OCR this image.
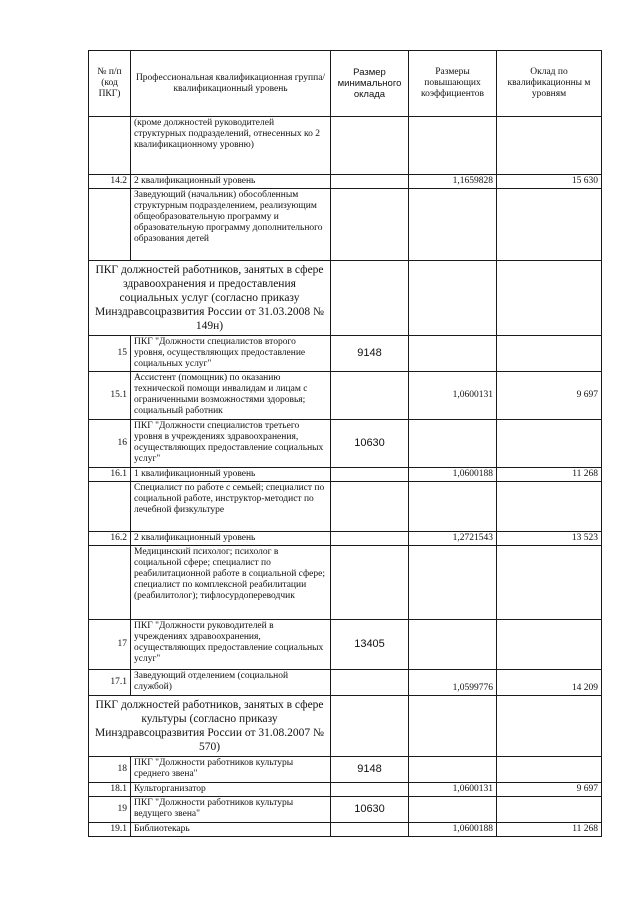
№ п/п (код ПКГ)	Профессиональная квалификационная группа/квалификационный уровень	Размер минимального оклада	Размеры повышающих коэффициентов	Оклад по квалификационны м уровням
	(кроме должностей руководителей структурных подразделений, отнесенных ко 2 квалификационному уровню)			
14.2	2 квалификационный уровень		1,1659828	15 630
	Заведующий (начальник) обособленным структурным подразделением, реализующим общеобразовательную программу и образовательную программу дополнительного образования детей			
ПКГ должностей работников, занятых в сфере здравоохранения и предоставления социальных услуг (согласно приказу Минздравсоцразвития России от 31.03.2008 № 149н)				
15	ПКГ "Должности специалистов второго уровня, осуществляющих предоставление социальных услуг"	9148		
15.1	Ассистент (помощник) по оказанию технической помощи инвалидам и лицам с ограниченными возможностями здоровья; социальный работник		1,0600131	9 697
16	ПКГ "Должности специалистов третьего уровня в учреждениях здравоохранения, осуществляющих предоставление социальных услуг"	10630		
16.1	1 квалификационный уровень		1,0600188	11 268
	Специалист по работе с семьей; специалист по социальной работе, инструктор-методист по лечебной физкультуре			
16.2	2 квалификационный уровень		1,2721543	13 523
	Медицинский психолог; психолог в социальной сфере; специалист по реабилитационной работе в социальной сфере; специалист по комплексной реабилитации (реабилитолог); тифлосурдопереводчик			
17	ПКГ "Должности руководителей в учреждениях здравоохранения, осуществляющих предоставление социальных услуг"	13405		
17.1	Заведующий отделением (социальной службой)		1,0599776	14 209
ПКГ должностей работников, занятых в сфере культуры (согласно приказу Минздравсоцразвития России от 31.08.2007 № 570)				
18	ПКГ "Должности работников культуры среднего звена"	9148		
18.1	Культорганизатор		1,0600131	9 697
19	ПКГ "Должности работников культуры ведущего звена"	10630		
19.1	Библиотекарь		1,0600188	11 268
